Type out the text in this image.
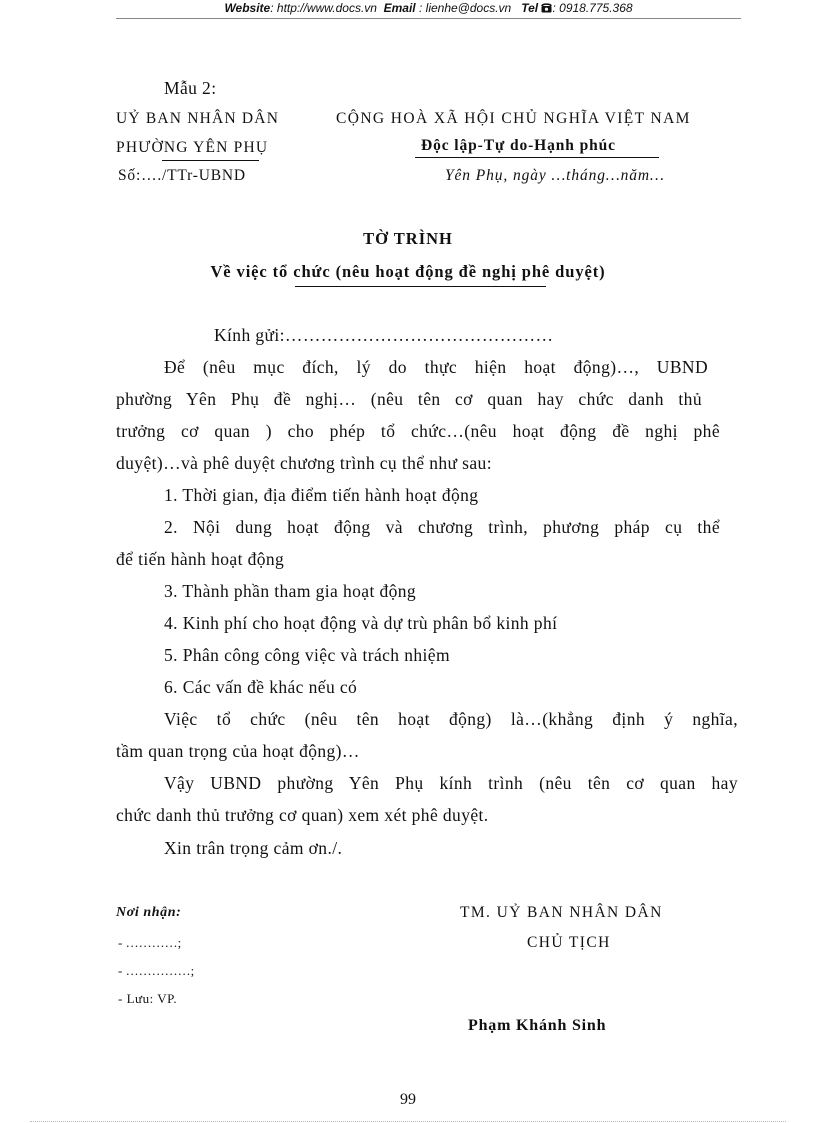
Website: http://www.docs.vn Email : lienhe@docs.vn Tel : 0918.775.368
Mẫu 2:
UỶ BAN NHÂN DÂN
PHƯỜNG YÊN PHỤ
Số:…./TTr-UBND
CỘNG HOÀ XÃ HỘI CHỦ NGHĨA VIỆT NAM
Độc lập-Tự do-Hạnh phúc
Yên Phụ, ngày …tháng…năm…
TỜ TRÌNH
Về việc tổ chức (nêu hoạt động đề nghị phê duyệt)
Kính gửi:………………………………………
Để (nêu mục đích, lý do thực hiện hoạt động)…, UBND
phường Yên Phụ đề nghị… (nêu tên cơ quan hay chức danh thủ
trưởng cơ quan ) cho phép tổ chức…(nêu hoạt động đề nghị phê
duyệt)…và phê duyệt chương trình cụ thể như sau:
1. Thời gian, địa điểm tiến hành hoạt động
2. Nội dung hoạt động và chương trình, phương pháp cụ thể
để tiến hành hoạt động
3. Thành phần tham gia hoạt động
4. Kinh phí cho hoạt động và dự trù phân bổ kinh phí
5. Phân công công việc và trách nhiệm
6. Các vấn đề khác nếu có
Việc tổ chức (nêu tên hoạt động) là…(khẳng định ý nghĩa,
tầm quan trọng của hoạt động)…
Vậy UBND phường Yên Phụ kính trình (nêu tên cơ quan hay
chức danh thủ trưởng cơ quan) xem xét phê duyệt.
Xin trân trọng cảm ơn./.
Nơi nhận:
- …………;
- ……………;
- Lưu: VP.
TM. UỶ BAN NHÂN DÂN
CHỦ TỊCH
Phạm Khánh Sinh
99
